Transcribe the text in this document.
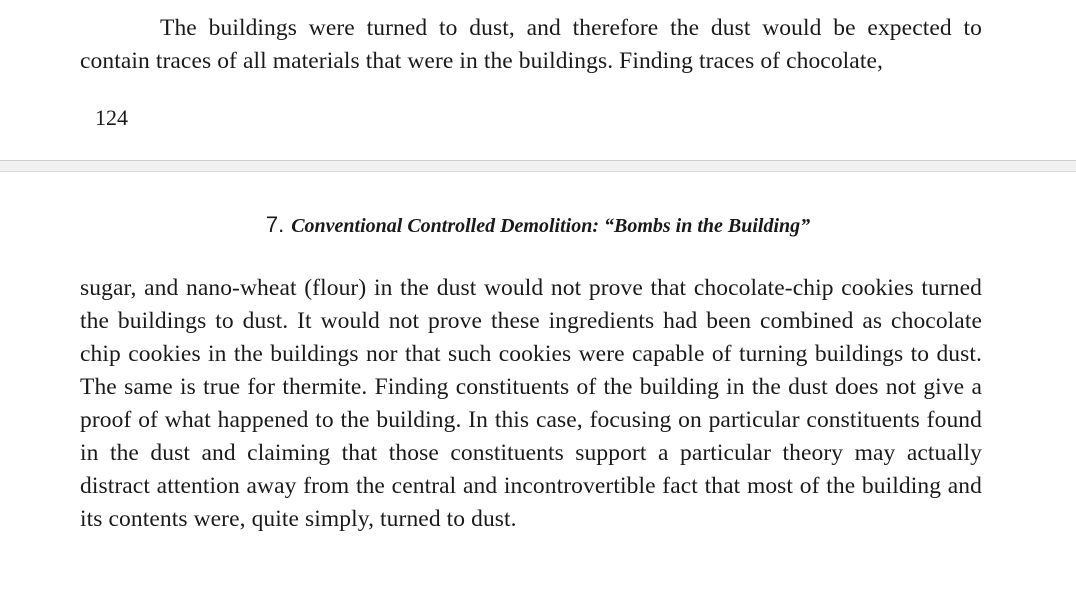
The buildings were turned to dust, and therefore the dust would be expected to contain traces of all materials that were in the buildings. Finding traces of chocolate,

124

7. Conventional Controlled Demolition: “Bombs in the Building”

sugar, and nano-wheat (flour) in the dust would not prove that chocolate-chip cookies turned the buildings to dust. It would not prove these ingredients had been combined as chocolate chip cookies in the buildings nor that such cookies were capable of turning buildings to dust. The same is true for thermite. Finding constituents of the building in the dust does not give a proof of what happened to the building. In this case, focusing on particular constituents found in the dust and claiming that those constituents support a particular theory may actually distract attention away from the central and incontrovertible fact that most of the building and its contents were, quite simply, turned to dust.
